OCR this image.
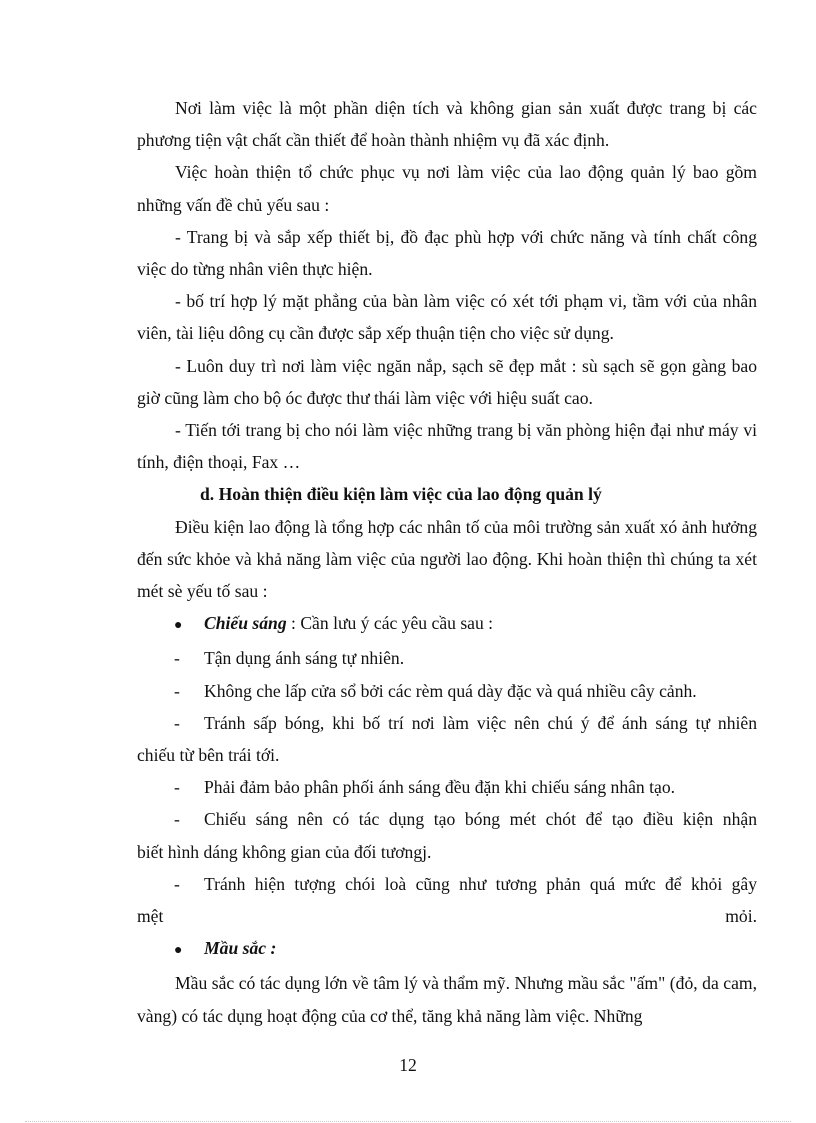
Nơi làm việc là một phần diện tích và không gian sản xuất được trang bị các phương tiện vật chất cần thiết để hoàn thành nhiệm vụ đã xác định.

Việc hoàn thiện tổ chức phục vụ nơi làm việc của lao động quản lý bao gồm những vấn đề chủ yếu sau :

- Trang bị và sắp xếp thiết bị, đồ đạc phù hợp với chức năng và tính chất công việc do từng nhân viên thực hiện.

- bố trí hợp lý mặt phẳng của bàn làm việc có xét tới phạm vi, tầm với của nhân viên, tài liệu dông cụ cần được sắp xếp thuận tiện cho việc sử dụng.

- Luôn duy trì nơi làm việc ngăn nắp, sạch sẽ đẹp mắt : sù sạch sẽ gọn gàng bao giờ cũng làm cho bộ óc được thư thái làm việc với hiệu suất cao.

- Tiến tới trang bị cho nói làm việc những trang bị văn phòng hiện đại như máy vi tính, điện thoại, Fax …

d. Hoàn thiện điều kiện làm việc của lao động quản lý

Điều kiện lao động là tổng hợp các nhân tố của môi trường sản xuất xó ảnh hưởng đến sức khỏe và khả năng làm việc của người lao động. Khi hoàn thiện thì chúng ta xét mét sè yếu tố sau :

● Chiếu sáng : Cần lưu ý các yêu cầu sau :

- Tận dụng ánh sáng tự nhiên.

- Không che lấp cửa sổ bởi các rèm quá dày đặc và quá nhiều cây cảnh.

- Tránh sấp bóng, khi bố trí nơi làm việc nên chú ý để ánh sáng tự nhiên

chiếu từ bên trái tới.

- Phải đảm bảo phân phối ánh sáng đều đặn khi chiếu sáng nhân tạo.

- Chiếu sáng nên có tác dụng tạo bóng mét chót để tạo điều kiện nhận

biết hình dáng không gian của đối tươngj.

- Tránh hiện tượng chói loà cũng như tương phản quá mức để khỏi gây

mệt	mỏi.

● Mầu sắc :

Mầu sắc có tác dụng lớn về tâm lý và thẩm mỹ. Nhưng mầu sắc "ấm" (đỏ, da cam, vàng) có tác dụng hoạt động của cơ thể, tăng khả năng làm việc. Những

12
